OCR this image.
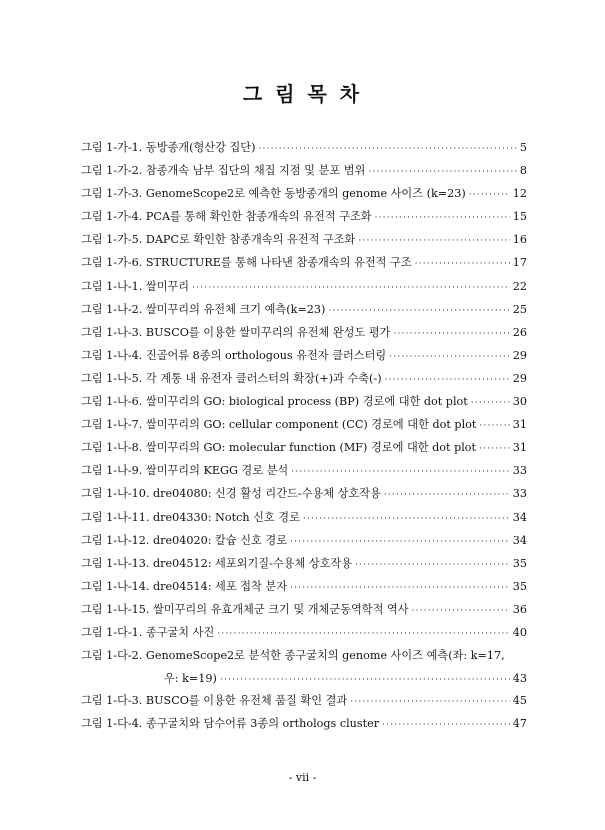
그 림 목 차
그림 1-가-1. 동방종개(형산강 집단) ·····	5
그림 1-가-2. 참종개속 남부 집단의 채집 지점 및 분포 범위 ·····	8
그림 1-가-3. GenomeScope2로 예측한 동방종개의 genome 사이즈 (k=23) ·····	12
그림 1-가-4. PCA를 통해 확인한 참종개속의 유전적 구조화 ·····	15
그림 1-가-5. DAPC로 확인한 참종개속의 유전적 구조화 ·····	16
그림 1-가-6. STRUCTURE를 통해 나타낸 참종개속의 유전적 구조 ·····	17
그림 1-나-1. 쌀미꾸리 ·····	22
그림 1-나-2. 쌀미꾸리의 유전체 크기 예측(k=23) ·····	25
그림 1-나-3. BUSCO를 이용한 쌀미꾸리의 유전체 완성도 평가 ·····	26
그림 1-나-4. 진골어류 8종의 orthologous 유전자 클러스터링 ·····	29
그림 1-나-5. 각 계통 내 유전자 클러스터의 확장(+)과 수축(-) ·····	29
그림 1-나-6. 쌀미꾸리의 GO: biological process (BP) 경로에 대한 dot plot ·····	30
그림 1-나-7. 쌀미꾸리의 GO: cellular component (CC) 경로에 대한 dot plot ·····	31
그림 1-나-8. 쌀미꾸리의 GO: molecular function (MF) 경로에 대한 dot plot ·····	31
그림 1-나-9. 쌀미꾸리의 KEGG 경로 분석 ·····	33
그림 1-나-10. dre04080: 신경 활성 리간드-수용체 상호작용 ·····	33
그림 1-나-11. dre04330: Notch 신호 경로 ·····	34
그림 1-나-12. dre04020: 칼슘 신호 경로 ·····	34
그림 1-나-13. dre04512: 세포외기질-수용체 상호작용 ·····	35
그림 1-나-14. dre04514: 세포 접착 분자 ·····	35
그림 1-나-15. 쌀미꾸리의 유효개체군 크기 및 개체군동역학적 역사 ·····	36
그림 1-다-1. 종구굴치 사진 ·····	40
그림 1-다-2. GenomeScope2로 분석한 종구굴치의 genome 사이즈 예측(좌: k=17,
우: k=19) ·····	43
그림 1-다-3. BUSCO를 이용한 유전체 품질 확인 결과 ·····	45
그림 1-다-4. 종구굴치와 담수어류 3종의 orthologs cluster ·····	47

- vii -
